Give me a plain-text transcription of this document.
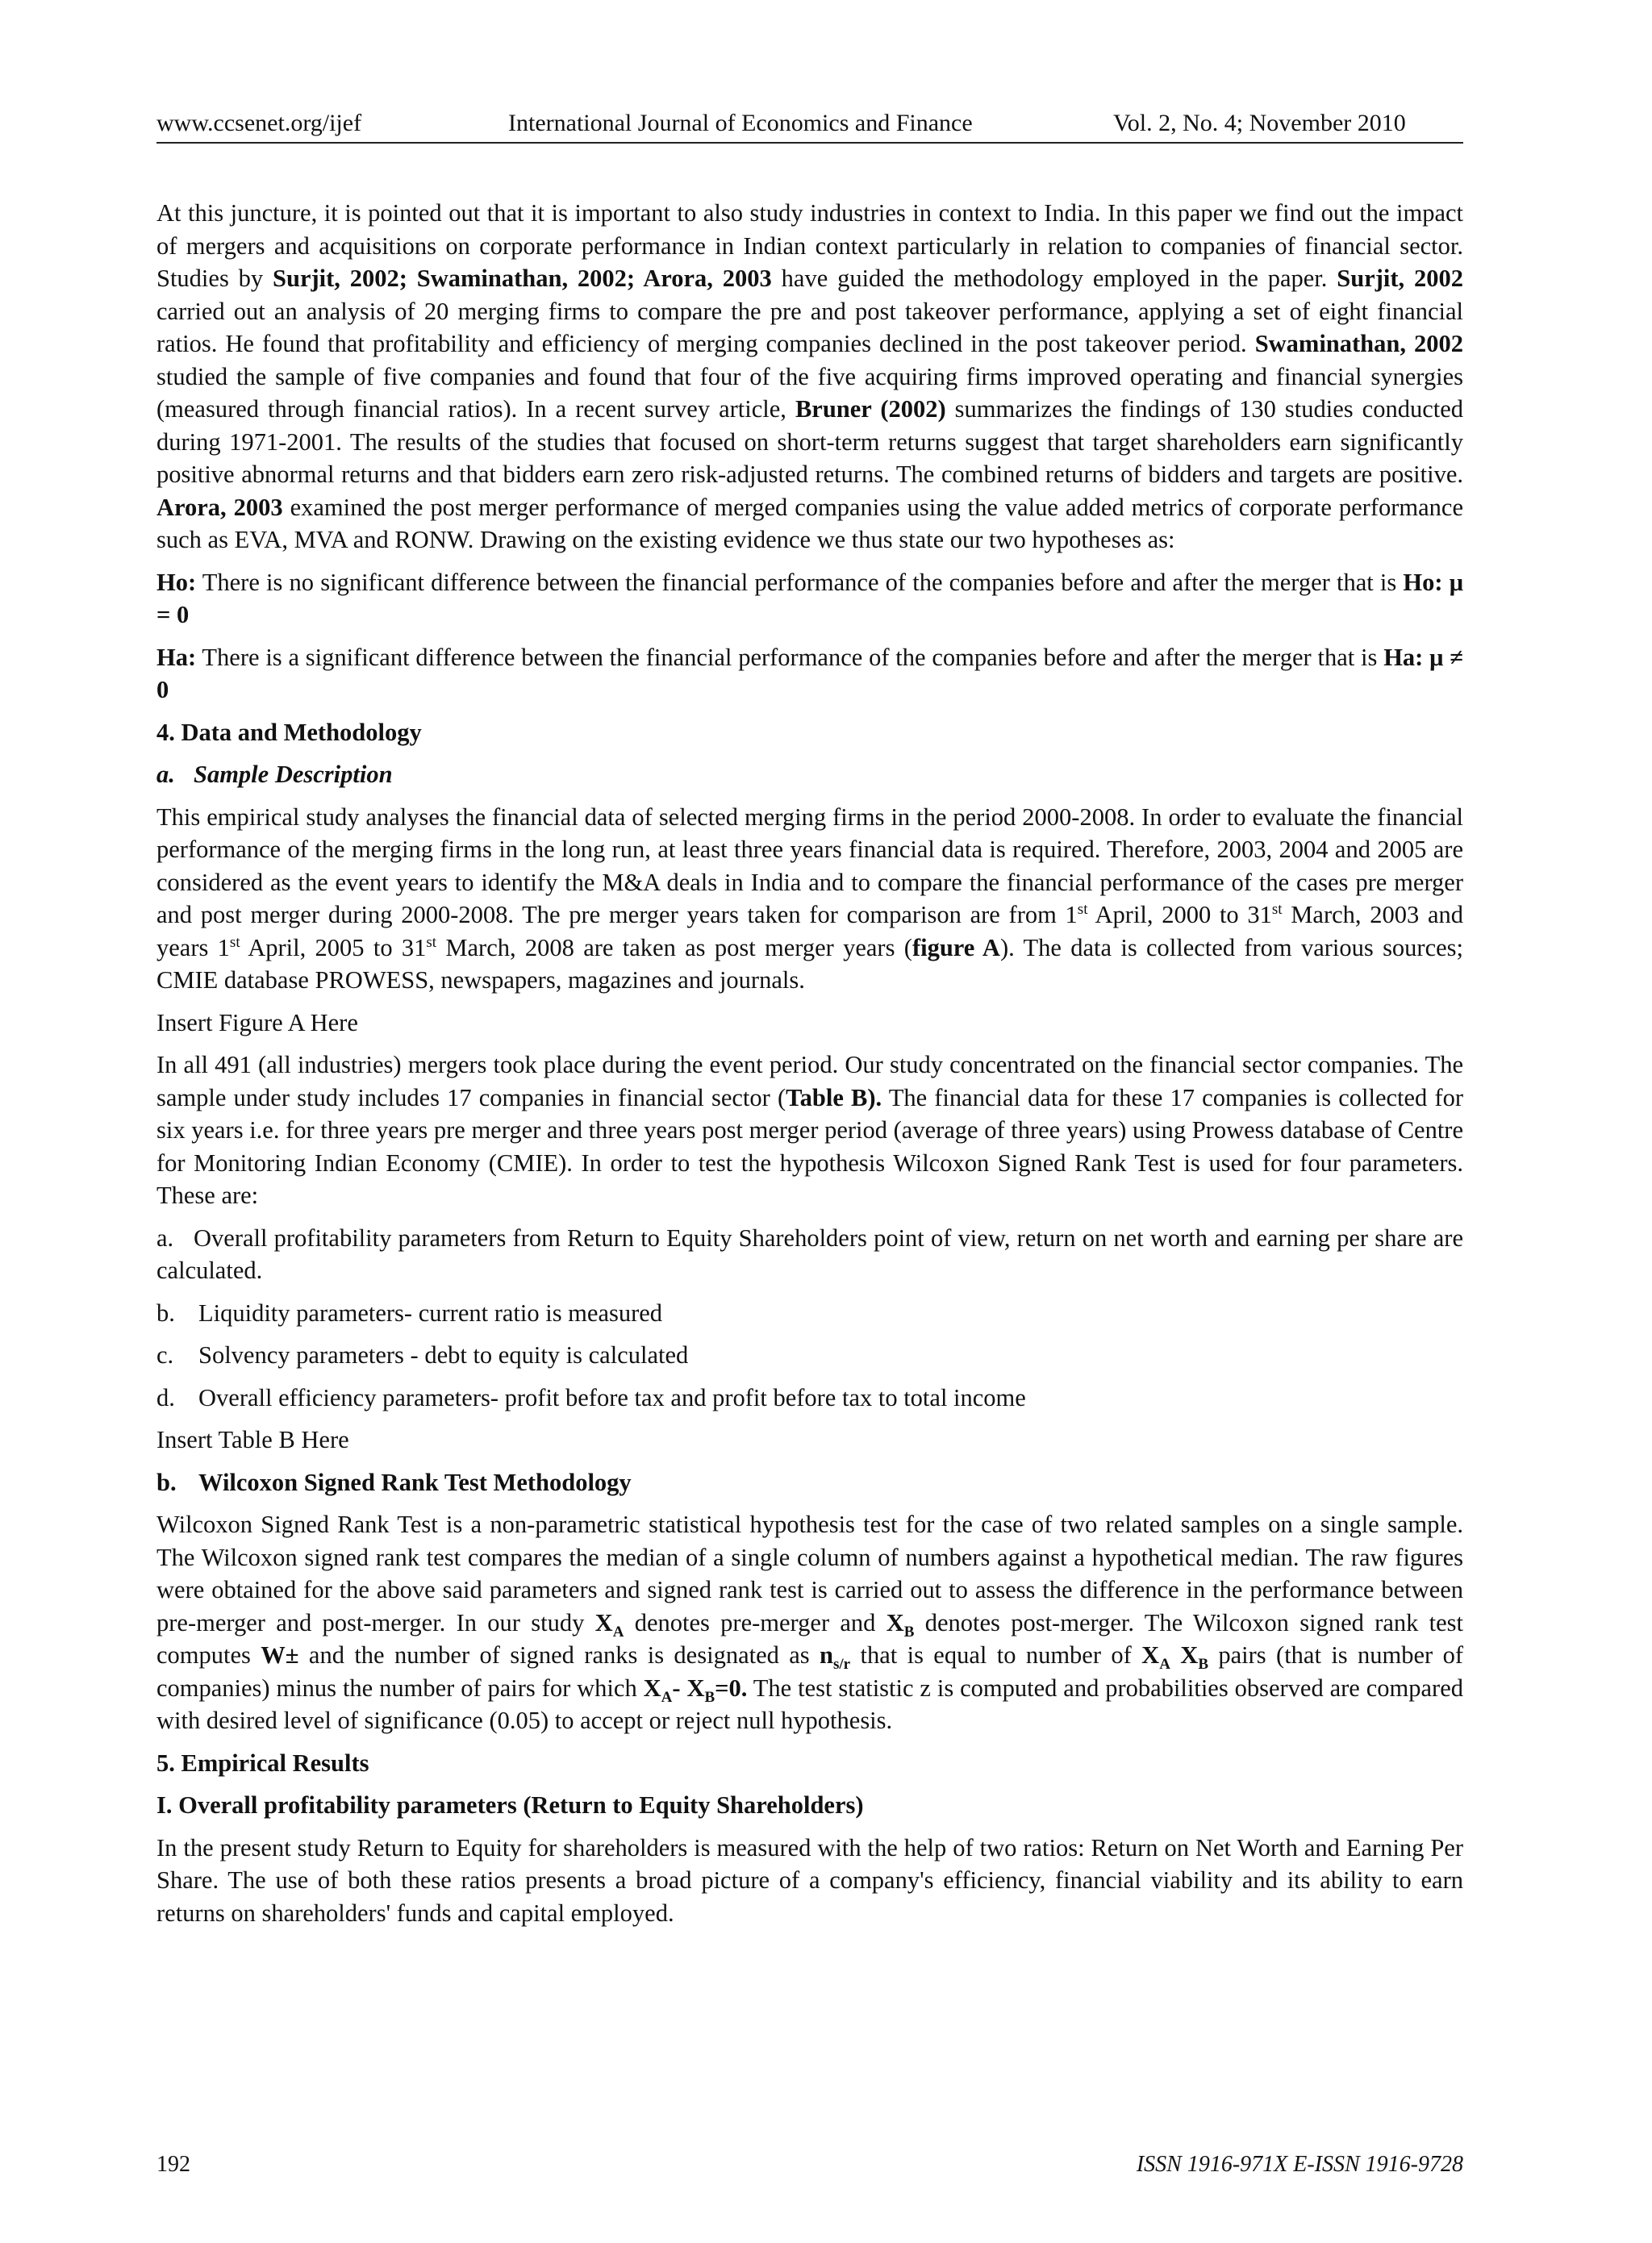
www.ccsenet.org/ijef	International Journal of Economics and Finance	Vol. 2, No. 4; November 2010

At this juncture, it is pointed out that it is important to also study industries in context to India. In this paper we find out the impact of mergers and acquisitions on corporate performance in Indian context particularly in relation to companies of financial sector. Studies by Surjit, 2002; Swaminathan, 2002; Arora, 2003 have guided the methodology employed in the paper. Surjit, 2002 carried out an analysis of 20 merging firms to compare the pre and post takeover performance, applying a set of eight financial ratios. He found that profitability and efficiency of merging companies declined in the post takeover period. Swaminathan, 2002 studied the sample of five companies and found that four of the five acquiring firms improved operating and financial synergies (measured through financial ratios). In a recent survey article, Bruner (2002) summarizes the findings of 130 studies conducted during 1971-2001. The results of the studies that focused on short-term returns suggest that target shareholders earn significantly positive abnormal returns and that bidders earn zero risk-adjusted returns. The combined returns of bidders and targets are positive. Arora, 2003 examined the post merger performance of merged companies using the value added metrics of corporate performance such as EVA, MVA and RONW. Drawing on the existing evidence we thus state our two hypotheses as:

Ho: There is no significant difference between the financial performance of the companies before and after the merger that is Ho: μ = 0

Ha: There is a significant difference between the financial performance of the companies before and after the merger that is Ha: μ ≠ 0

4. Data and Methodology

a. Sample Description

This empirical study analyses the financial data of selected merging firms in the period 2000-2008. In order to evaluate the financial performance of the merging firms in the long run, at least three years financial data is required. Therefore, 2003, 2004 and 2005 are considered as the event years to identify the M&A deals in India and to compare the financial performance of the cases pre merger and post merger during 2000-2008. The pre merger years taken for comparison are from 1st April, 2000 to 31st March, 2003 and years 1st April, 2005 to 31st March, 2008 are taken as post merger years (figure A). The data is collected from various sources; CMIE database PROWESS, newspapers, magazines and journals.

Insert Figure A Here

In all 491 (all industries) mergers took place during the event period. Our study concentrated on the financial sector companies. The sample under study includes 17 companies in financial sector (Table B). The financial data for these 17 companies is collected for six years i.e. for three years pre merger and three years post merger period (average of three years) using Prowess database of Centre for Monitoring Indian Economy (CMIE). In order to test the hypothesis Wilcoxon Signed Rank Test is used for four parameters. These are:

a. Overall profitability parameters from Return to Equity Shareholders point of view, return on net worth and earning per share are calculated.

b. Liquidity parameters- current ratio is measured

c. Solvency parameters - debt to equity is calculated

d. Overall efficiency parameters- profit before tax and profit before tax to total income

Insert Table B Here

b. Wilcoxon Signed Rank Test Methodology

Wilcoxon Signed Rank Test is a non-parametric statistical hypothesis test for the case of two related samples on a single sample. The Wilcoxon signed rank test compares the median of a single column of numbers against a hypothetical median. The raw figures were obtained for the above said parameters and signed rank test is carried out to assess the difference in the performance between pre-merger and post-merger. In our study $X_A$ denotes pre-merger and $X_B$ denotes post-merger. The Wilcoxon signed rank test computes W± and the number of signed ranks is designated as $n_{s/r}$ that is equal to number of $X_A$ $X_B$ pairs (that is number of companies) minus the number of pairs for which $X_A-$ $X_B=0$. The test statistic z is computed and probabilities observed are compared with desired level of significance (0.05) to accept or reject null hypothesis.

5. Empirical Results

I. Overall profitability parameters (Return to Equity Shareholders)

In the present study Return to Equity for shareholders is measured with the help of two ratios: Return on Net Worth and Earning Per Share. The use of both these ratios presents a broad picture of a company's efficiency, financial viability and its ability to earn returns on shareholders' funds and capital employed.

192	ISSN 1916-971X E-ISSN 1916-9728
